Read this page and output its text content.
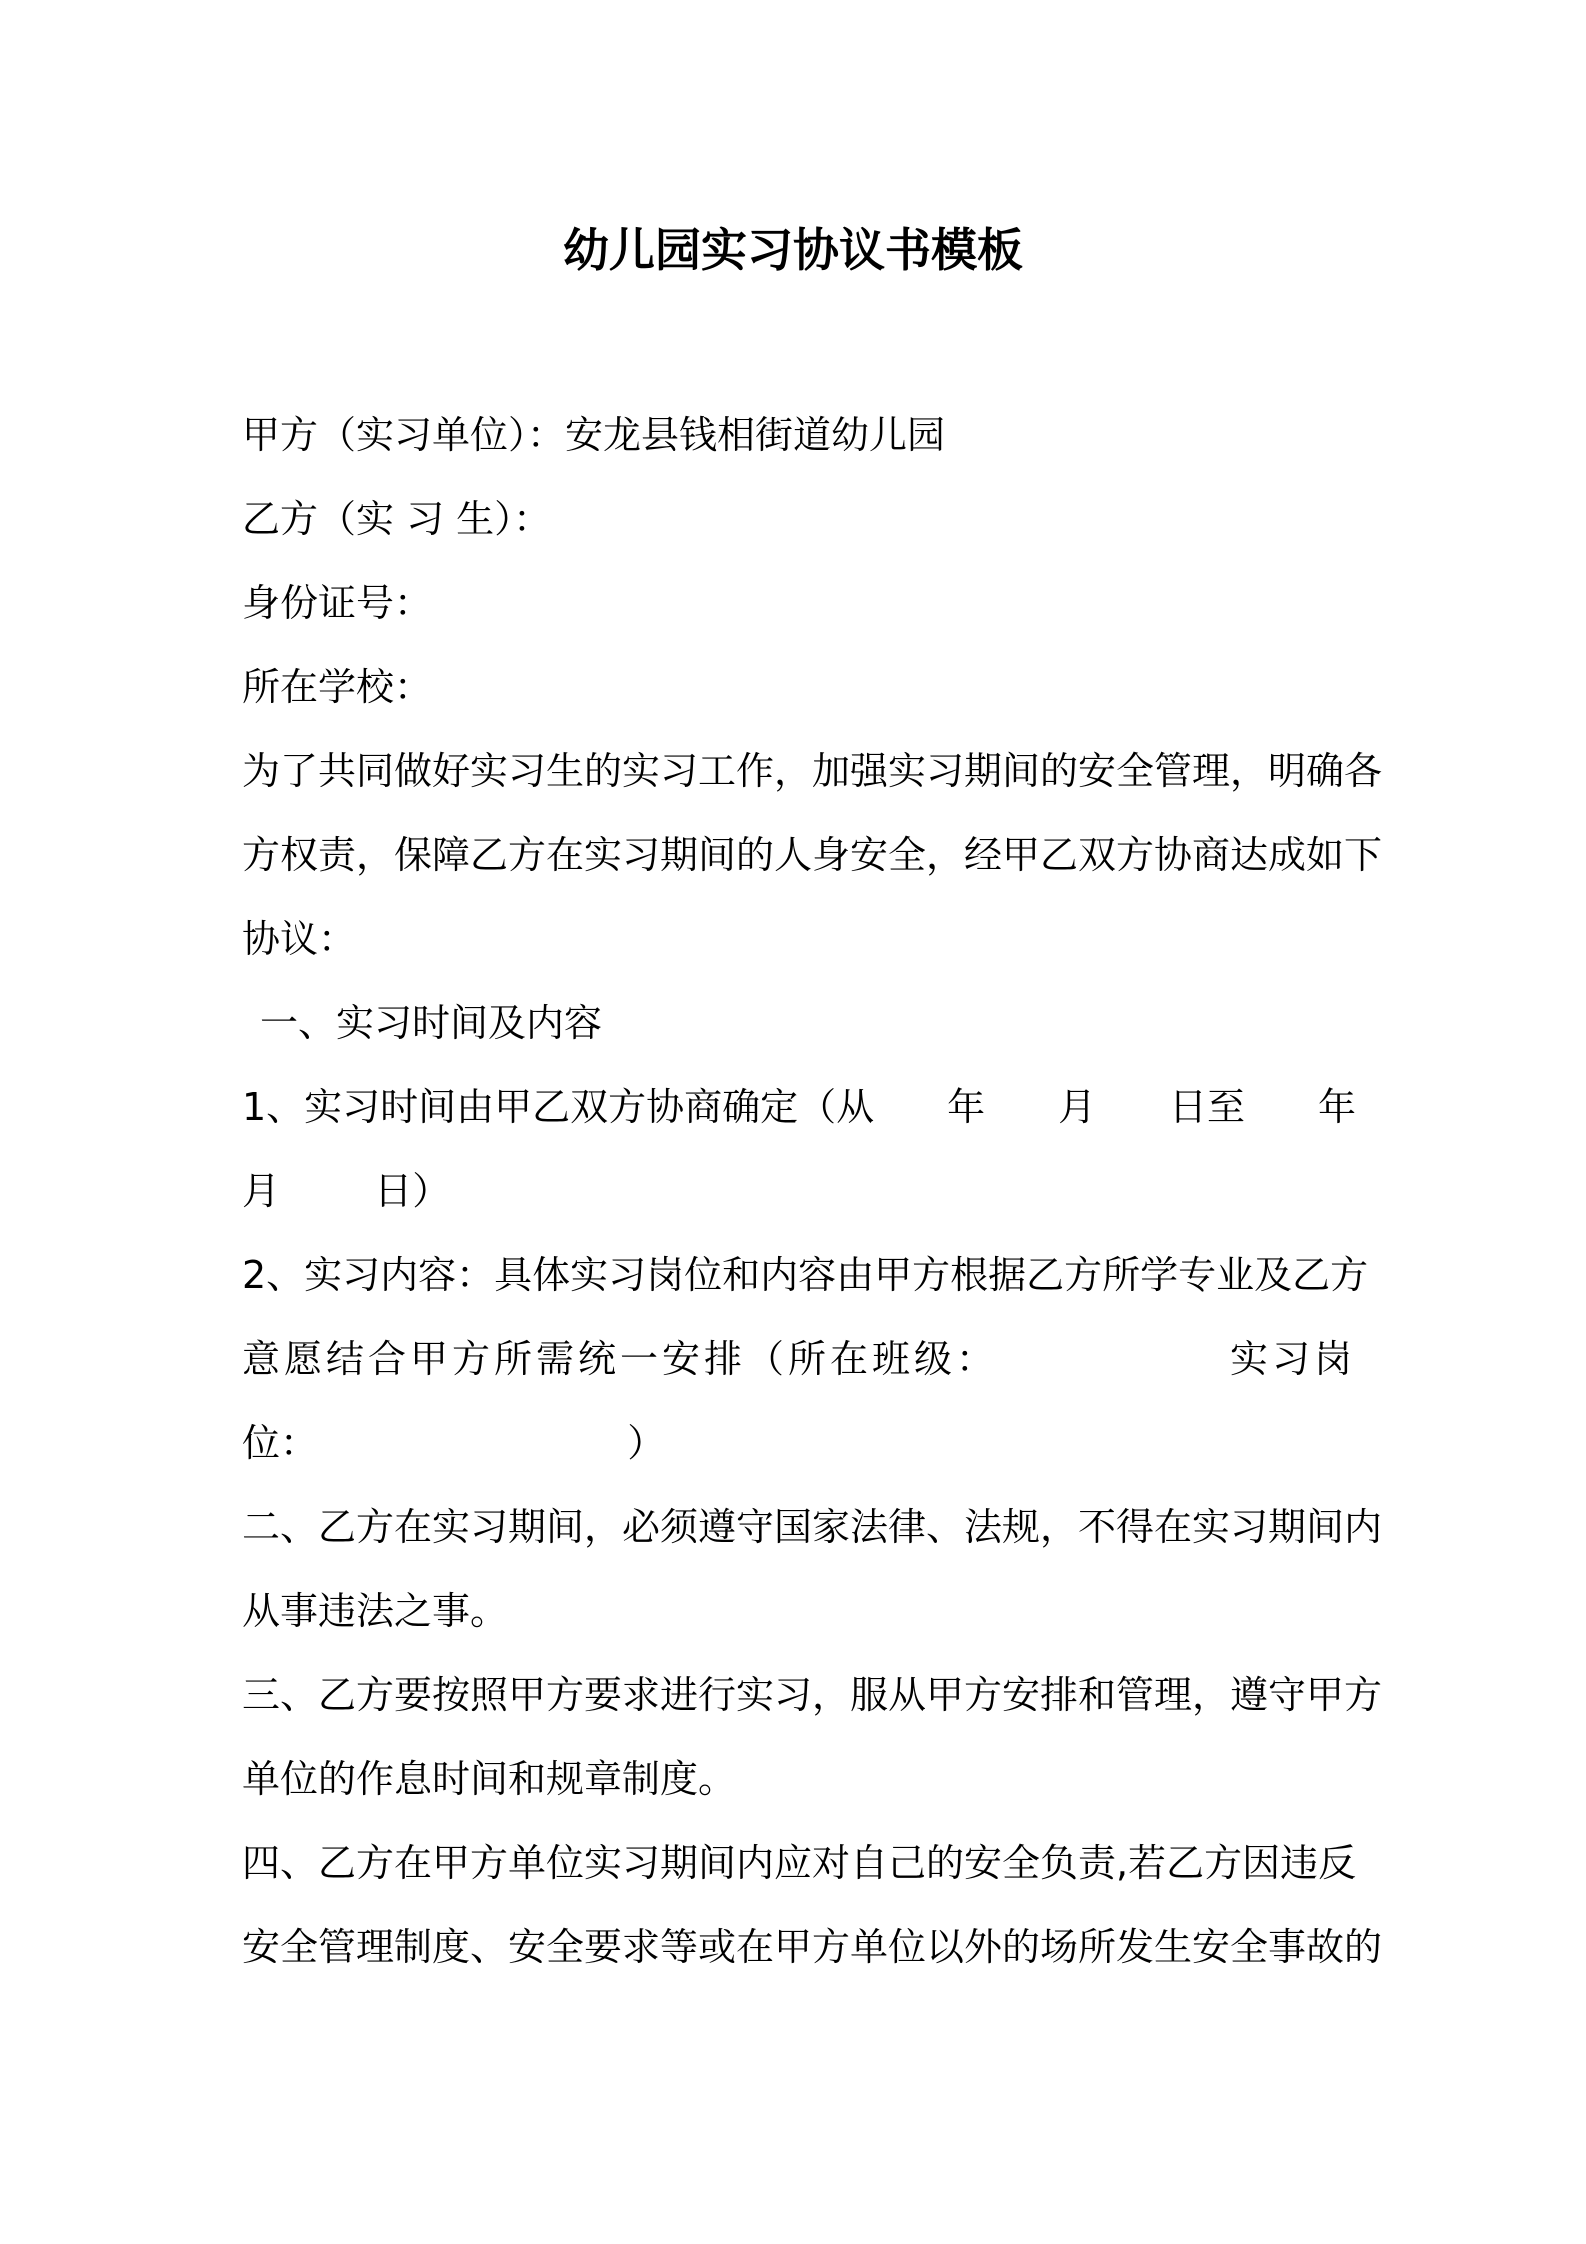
幼儿园实习协议书模板
甲方（实习单位）：安龙县钱相街道幼儿园
乙方（实 习 生）：
身份证号：
所在学校：
为了共同做好实习生的实习工作，加强实习期间的安全管理，明确各
方权责，保障乙方在实习期间的人身安全，经甲乙双方协商达成如下
协议：
一、实习时间及内容
1、实习时间由甲乙双方协商确定（从 年 月 日至 年
月 日）
2、实习内容：具体实习岗位和内容由甲方根据乙方所学专业及乙方
意愿结合甲方所需统一安排（所在班级：	实习岗
位：	）
二、乙方在实习期间，必须遵守国家法律、法规，不得在实习期间内
从事违法之事。
三、乙方要按照甲方要求进行实习，服从甲方安排和管理，遵守甲方
单位的作息时间和规章制度。
四、乙方在甲方单位实习期间内应对自己的安全负责,若乙方因违反
安全管理制度、安全要求等或在甲方单位以外的场所发生安全事故的
